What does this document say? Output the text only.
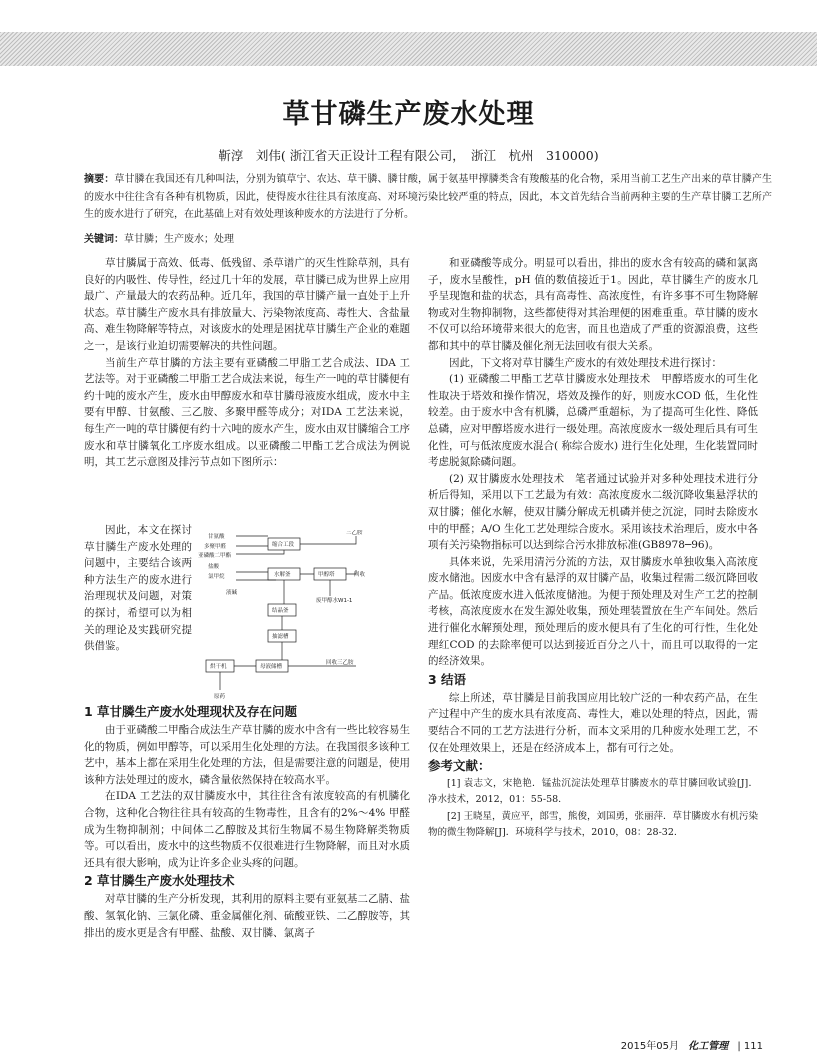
草甘磷生产废水处理
靳淳　刘伟( 浙江省天正设计工程有限公司，　浙江　杭州　310000)
摘要：草甘膦在我国还有几种叫法，分别为镇草宁、农达、草干膦、膦甘酸，属于氨基甲撑膦类含有羧酸基的化合物，采用当前工艺生产出来的草甘膦产生的废水中往往含有各种有机物质，因此，使得废水往往具有浓度高、对环境污染比较严重的特点，因此，本文首先结合当前两种主要的生产草甘膦工艺所产生的废水进行了研究，在此基础上对有效处理该种废水的方法进行了分析。
关键词：草甘膦；生产废水；处理

草甘膦属于高效、低毒、低残留、杀草谱广的灭生性除草剂，具有良好的内吸性、传导性，经过几十年的发展，草甘膦已成为世界上应用最广、产量最大的农药品种。近几年，我国的草甘膦产量一直处于上升状态。草甘膦生产废水具有排放量大、污染物浓度高、毒性大、含盐量高、难生物降解等特点，对该废水的处理是困扰草甘膦生产企业的难题之一，是该行业迫切需要解决的共性问题。

当前生产草甘膦的方法主要有亚磷酸二甲脂工艺合成法、IDA 工艺法等。对于亚磷酸二甲脂工艺合成法来说，每生产一吨的草甘膦便有约十吨的废水产生，废水由甲醇废水和草甘膦母液废水组成，废水中主要有甲醇、甘氨酸、三乙胺、多聚甲醛等成分；对IDA 工艺法来说，每生产一吨的草甘膦便有约十六吨的废水产生，废水由双甘膦缩合工序废水和草甘膦氧化工序废水组成。以亚磷酸二甲酯工艺合成法为例说明，其工艺示意图及排污节点如下图所示：

因此，本文在探讨草甘膦生产废水处理的问题中，主要结合该两种方法生产的废水进行治理现状及问题，对策的探讨，希望可以为相关的理论及实践研究提供借鉴。

甘氨酸
多聚甲醛
亚磷酸二甲酯
缩合工段
三乙胺
盐酸
氯甲烷	水解釜	甲醇塔	回收
废甲醇水W1-1
液碱
结晶釜
抽滤槽
母液储槽
烘干机
回收三乙胺
原药
1 草甘膦生产废水处理现状及存在问题

由于亚磷酸二甲酯合成法生产草甘膦的废水中含有一些比较容易生化的物质，例如甲醇等，可以采用生化处理的方法。在我国很多该种工艺中，基本上都在采用生化处理的方法，但是需要注意的问题是，使用该种方法处理过的废水，磷含量依然保持在较高水平。

在IDA 工艺法的双甘膦废水中，其往往含有浓度较高的有机膦化合物，这种化合物往往具有较高的生物毒性，且含有的2%～4% 甲醛成为生物抑制剂；中间体二乙醇胺及其衍生物属不易生物降解类物质等。可以看出，废水中的这些物质不仅很难进行生物降解，而且对水质还具有很大影响，成为让许多企业头疼的问题。

2 草甘膦生产废水处理技术

对草甘膦的生产分析发现，其利用的原料主要有亚氨基二乙腈、盐酸、氢氧化钠、三氯化磷、重金属催化剂、硫酸亚铁、二乙醇胺等，其排出的废水更是含有甲醛、盐酸、双甘膦、氯离子

和亚磷酸等成分。明显可以看出，排出的废水含有较高的磷和氯离子，废水呈酸性，pH 值的数值接近于1。因此，草甘膦生产的废水几乎呈现饱和盐的状态，具有高毒性、高浓度性，有许多事不可生物降解物或对生物抑制物，这些都使得对其治理便的困难重重。草甘膦的废水不仅可以给环境带来很大的危害，而且也造成了严重的资源浪费，这些都和其中的草甘膦及催化剂无法回收有很大关系。

因此，下文将对草甘膦生产废水的有效处理技术进行探讨：

(1) 亚磷酸二甲酯工艺草甘膦废水处理技术　甲醇塔废水的可生化性取决于塔效和操作情况，塔效及操作的好，则废水COD 低，生化性较差。由于废水中含有机膦，总磷严重超标，为了提高可生化性、降低总磷，应对甲醇塔废水进行一级处理。高浓度废水一级处理后具有可生化性，可与低浓度废水混合( 称综合废水) 进行生化处理，生化装置同时考虑脱氮除磷问题。

(2) 双甘膦废水处理技术　笔者通过试验并对多种处理技术进行分析后得知，采用以下工艺最为有效：高浓度废水二级沉降收集悬浮状的双甘膦；催化水解，使双甘膦分解成无机磷并使之沉淀，同时去除废水中的甲醛；A/O 生化工艺处理综合废水。采用该技术治理后，废水中各项有关污染物指标可以达到综合污水排放标准(GB8978─96)。

具体来说，先采用清污分流的方法，双甘膦废水单独收集入高浓度废水储池。因废水中含有悬浮的双甘膦产品，收集过程需二级沉降回收产品。低浓度废水进入低浓度储池。为便于预处理及对生产工艺的控制考核，高浓度废水在发生源处收集，预处理装置放在生产车间处。然后进行催化水解预处理，预处理后的废水便具有了生化的可行性，生化处理红COD 的去除率便可以达到接近百分之八十，而且可以取得的一定的经济效果。

3 结语

综上所述，草甘膦是目前我国应用比较广泛的一种农药产品，在生产过程中产生的废水具有浓度高、毒性大，难以处理的特点，因此，需要结合不同的工艺方法进行分析，而本文采用的几种废水处理工艺，不仅在处理效果上，还是在经济成本上，都有可行之处。

参考文献：

[1] 袁志文，宋艳艳．锰盐沉淀法处理草甘膦废水的草甘膦回收试验[J]．净水技术，2012，01：55-58.

[2] 王晓星，黄应平，郎雪，熊俊，刘国勇，张丽萍．草甘膦废水有机污染物的微生物降解[J]．环境科学与技术，2010，08：28-32.

2015年05月 化工管理 | 111
